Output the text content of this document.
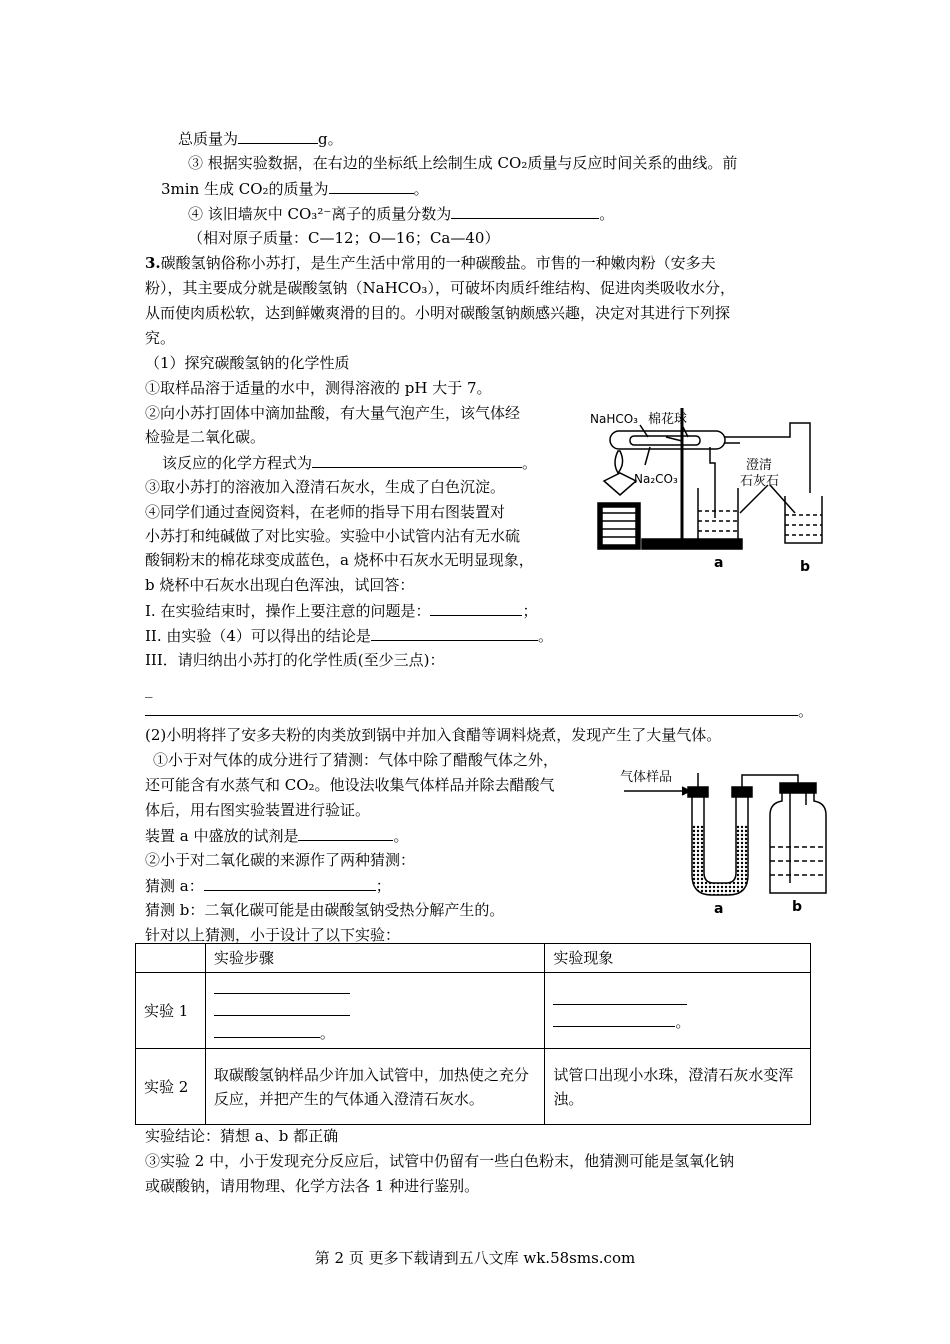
总质量为	g。
③ 根据实验数据，在右边的坐标纸上绘制生成 CO₂质量与反应时间关系的曲线。前
3min 生成 CO₂的质量为	。
④ 该旧墙灰中 CO₃²⁻离子的质量分数为	。
（相对原子质量：C—12；O—16；Ca—40）
3.碳酸氢钠俗称小苏打，是生产生活中常用的一种碳酸盐。市售的一种嫩肉粉（安多夫
粉），其主要成分就是碳酸氢钠（NaHCO₃），可破坏肉质纤维结构、促进肉类吸收水分，
从而使肉质松软，达到鲜嫩爽滑的目的。小明对碳酸氢钠颇感兴趣，决定对其进行下列探
究。
（1）探究碳酸氢钠的化学性质
①取样品溶于适量的水中，测得溶液的 pH 大于 7。
②向小苏打固体中滴加盐酸，有大量气泡产生，该气体经
检验是二氧化碳。
该反应的化学方程式为	。
③取小苏打的溶液加入澄清石灰水，生成了白色沉淀。
④同学们通过查阅资料，在老师的指导下用右图装置对
小苏打和纯碱做了对比实验。实验中小试管内沾有无水硫
酸铜粉末的棉花球变成蓝色，a 烧杯中石灰水无明显现象，
b 烧杯中石灰水出现白色浑浊，试回答：
I. 在实验结束时，操作上要注意的问题是：	；
II. 由实验（4）可以得出的结论是	。
III．请归纳出小苏打的化学性质(至少三点)：
_
。
NaHCO₃ 棉花球
Na₂CO₃
澄清
石灰石
a	b
(2)小明将拌了安多夫粉的肉类放到锅中并加入食醋等调料烧煮，发现产生了大量气体。
①小于对气体的成分进行了猜测：气体中除了醋酸气体之外，
还可能含有水蒸气和 CO₂。他设法收集气体样品并除去醋酸气
体后，用右图实验装置进行验证。
装置 a 中盛放的试剂是	。
②小于对二氧化碳的来源作了两种猜测：
猜测 a：	；
猜测 b：二氧化碳可能是由碳酸氢钠受热分解产生的。
针对以上猜测，小于设计了以下实验：
气体样品
a	b
	实验步骤	实验现象
实验 1	。	。

实验 2	取碳酸氢钠样品少许加入试管中，加热使之充分反应，并把产生的气体通入澄清石灰水。	试管口出现小水珠，澄清石灰水变浑浊。
实验结论：猜想 a、b 都正确
③实验 2 中，小于发现充分反应后，试管中仍留有一些白色粉末，他猜测可能是氢氧化钠
或碳酸钠，请用物理、化学方法各 1 种进行鉴别。
第 2 页 更多下载请到五八文库 wk.58sms.com
